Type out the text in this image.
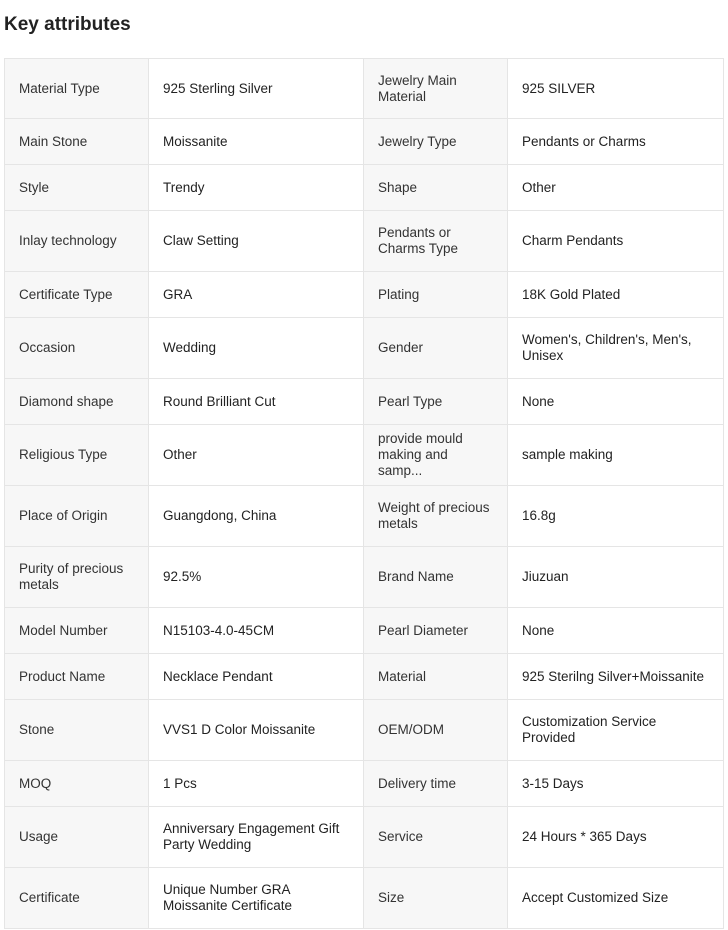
Key attributes
Material Type	925 Sterling Silver	Jewelry Main Material	925 SILVER
Main Stone	Moissanite	Jewelry Type	Pendants or Charms
Style	Trendy	Shape	Other
Inlay technology	Claw Setting	Pendants or Charms Type	Charm Pendants
Certificate Type	GRA	Plating	18K Gold Plated
Occasion	Wedding	Gender	Women's, Children's, Men's, Unisex
Diamond shape	Round Brilliant Cut	Pearl Type	None
Religious Type	Other	provide mould making and samp...	sample making
Place of Origin	Guangdong, China	Weight of precious metals	16.8g
Purity of precious metals	92.5%	Brand Name	Jiuzuan
Model Number	N15103-4.0-45CM	Pearl Diameter	None
Product Name	Necklace Pendant	Material	925 Sterilng Silver+Moissanite
Stone	VVS1 D Color Moissanite	OEM/ODM	Customization Service Provided
MOQ	1 Pcs	Delivery time	3-15 Days
Usage	Anniversary Engagement Gift Party Wedding	Service	24 Hours * 365 Days
Certificate	Unique Number GRA Moissanite Certificate	Size	Accept Customized Size
